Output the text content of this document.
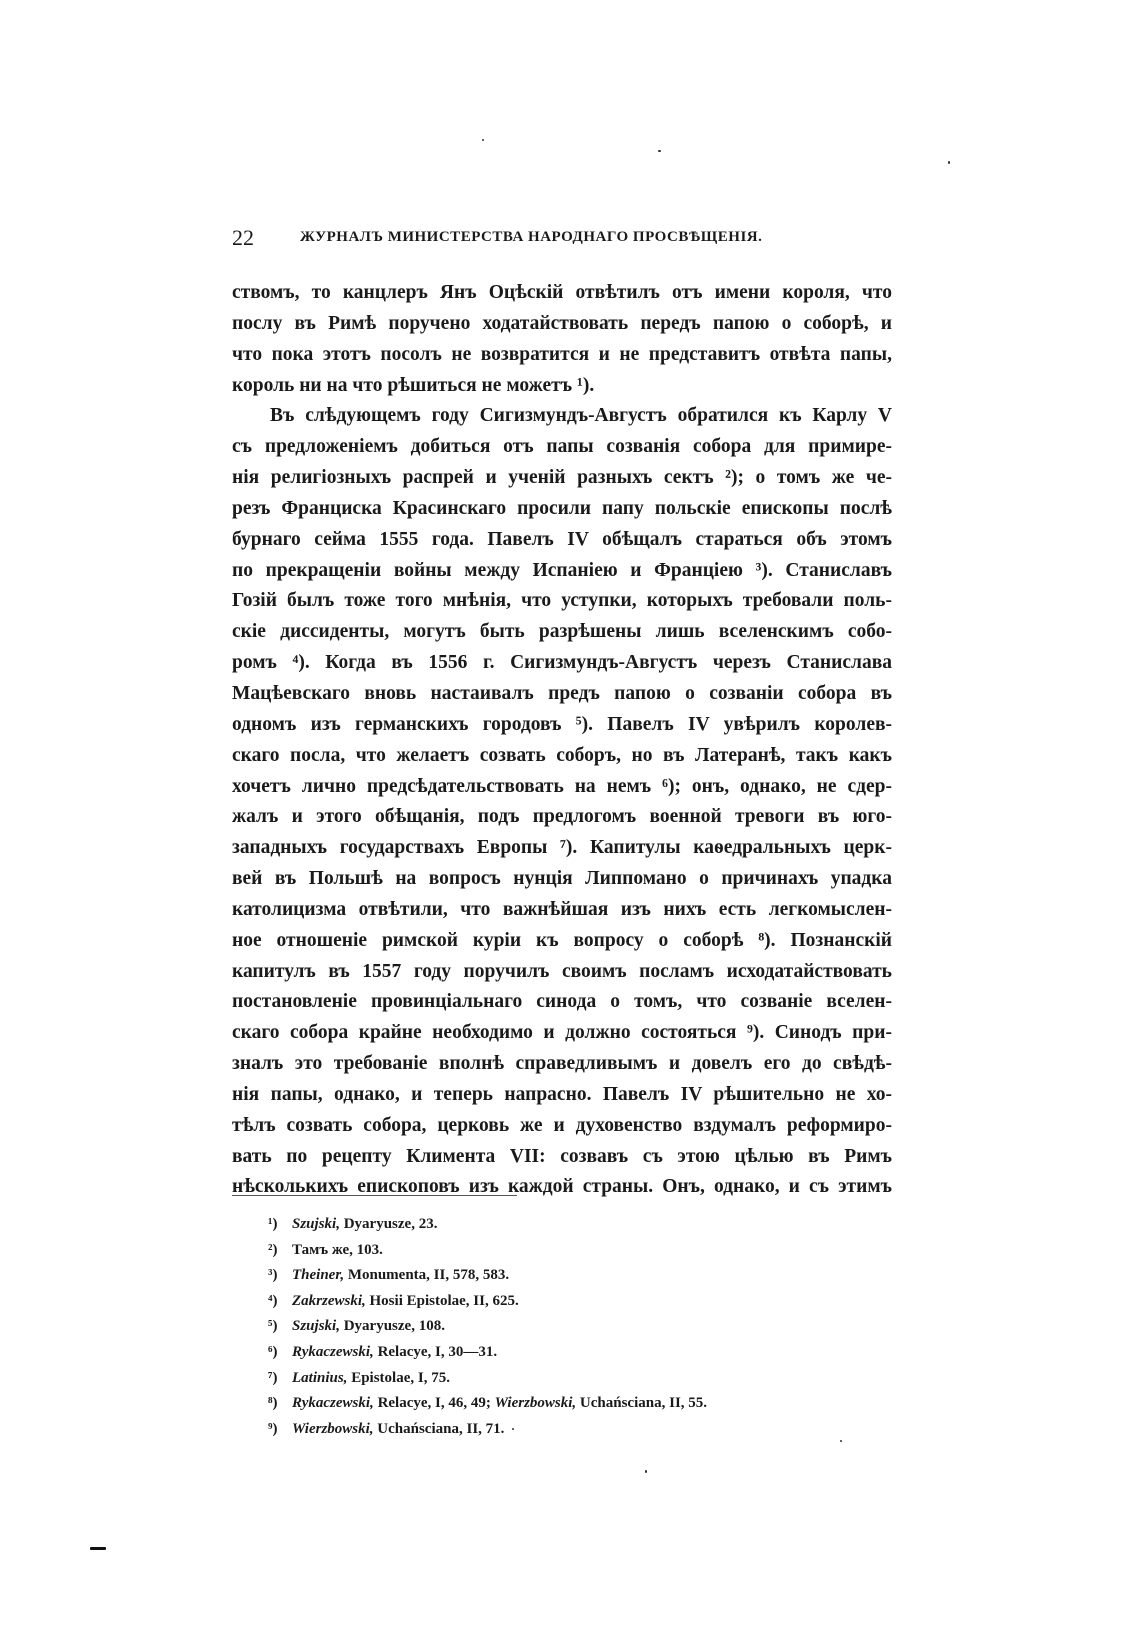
22	ЖУРНАЛЪ МИНИСТЕРСТВА НАРОДНАГО ПРОСВѢЩЕНІЯ.
ствомъ, то канцлеръ Янъ Оцѣскій отвѣтилъ отъ имени короля, что
послу въ Римѣ поручено ходатайствовать передъ папою о соборѣ, и
что пока этотъ посолъ не возвратится и не представитъ отвѣта папы,
король ни на что рѣшиться не можетъ ¹).
Въ слѣдующемъ году Сигизмундъ-Августъ обратился къ Карлу V
съ предложеніемъ добиться отъ папы созванія собора для примире-
нія религіозныхъ распрей и ученій разныхъ сектъ ²); о томъ же че-
резъ Франциска Красинскаго просили папу польскіе епископы послѣ
бурнаго сейма 1555 года. Павелъ IV обѣщалъ стараться объ этомъ
по прекращеніи войны между Испаніею и Франціею ³). Станиславъ
Гозій былъ тоже того мнѣнія, что уступки, которыхъ требовали поль-
скіе диссиденты, могутъ быть разрѣшены лишь вселенскимъ собо-
ромъ ⁴). Когда въ 1556 г. Сигизмундъ-Августъ черезъ Станислава
Мацѣевскаго вновь настаивалъ предъ папою о созваніи собора въ
одномъ изъ германскихъ городовъ ⁵). Павелъ IV увѣрилъ королев-
скаго посла, что желаетъ созвать соборъ, но въ Латеранѣ, такъ какъ
хочетъ лично предсѣдательствовать на немъ ⁶); онъ, однако, не сдер-
жалъ и этого обѣщанія, подъ предлогомъ военной тревоги въ юго-
западныхъ государствахъ Европы ⁷). Капитулы каѳедральныхъ церк-
вей въ Польшѣ на вопросъ нунція Липпомано о причинахъ упадка
католицизма отвѣтили, что важнѣйшая изъ нихъ есть легкомыслен-
ное отношеніе римской куріи къ вопросу о соборѣ ⁸). Познанскій
капитулъ въ 1557 году поручилъ своимъ посламъ исходатайствовать
постановленіе провинціальнаго синода о томъ, что созваніе вселен-
скаго собора крайне необходимо и должно состояться ⁹). Синодъ при-
зналъ это требованіе вполнѣ справедливымъ и довелъ его до свѣдѣ-
нія папы, однако, и теперь напрасно. Павелъ IV рѣшительно не хо-
тѣлъ созвать собора, церковь же и духовенство вздумалъ реформиро-
вать по рецепту Климента VII: созвавъ съ этою цѣлью въ Римъ
нѣсколькихъ епископовъ изъ каждой страны. Онъ, однако, и съ этимъ
¹) Szujski, Dyaryusze, 23.
²) Тамъ же, 103.
³) Theiner, Monumenta, II, 578, 583.
⁴) Zakrzewski, Hosii Epistolae, II, 625.
⁵) Szujski, Dyaryusze, 108.
⁶) Rykaczewski, Relacye, I, 30—31.
⁷) Latinius, Epistolae, I, 75.
⁸) Rykaczewski, Relacye, I, 46, 49; Wierzbowski, Uchańsciana, II, 55.
⁹) Wierzbowski, Uchańsciana, II, 71.
